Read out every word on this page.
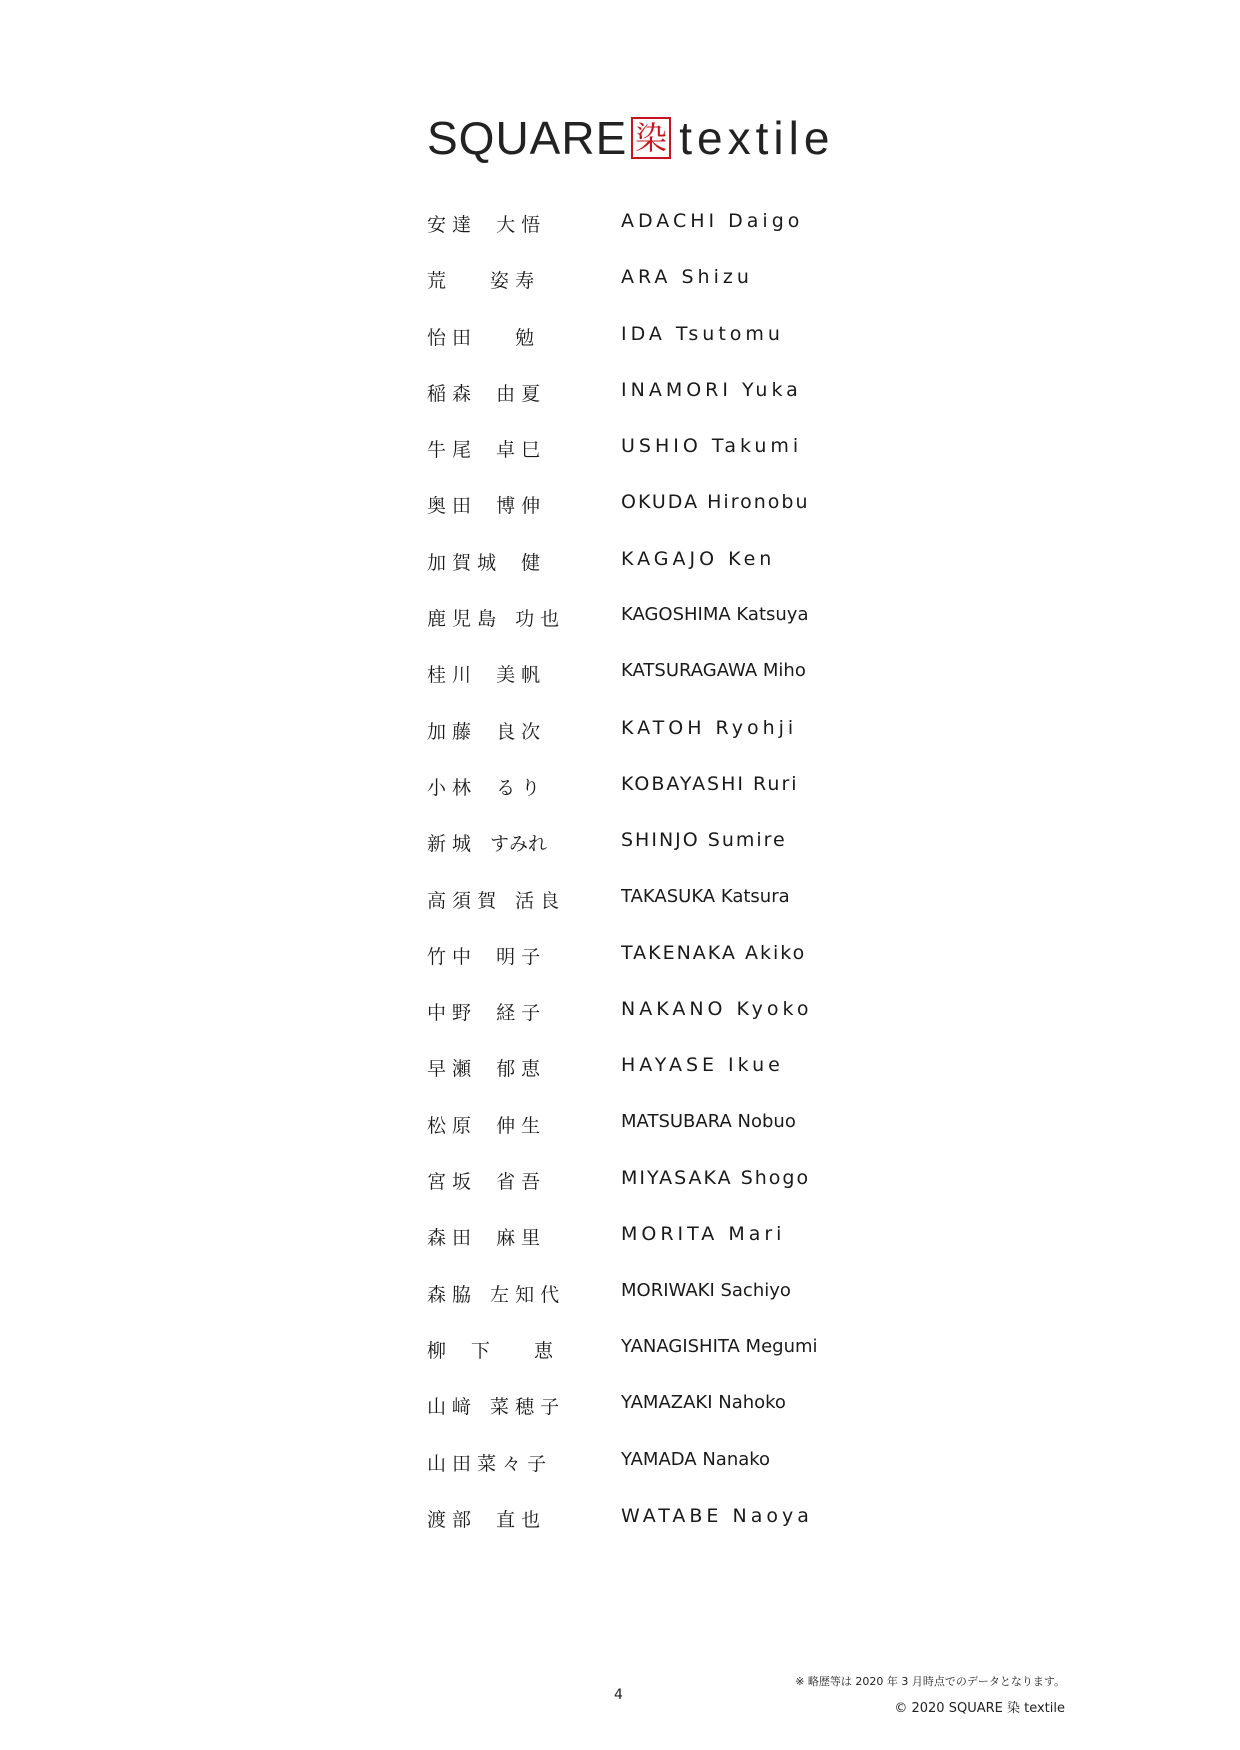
SQUARE 染 textile
安 達　 大 悟	ADACHI Daigo
荒　　 姿 寿	ARA Shizu
怡 田　　 勉	IDA Tsutomu
稲 森　 由 夏	INAMORI Yuka
牛 尾　 卓 巳	USHIO Takumi
奥 田　 博 伸	OKUDA Hironobu
加 賀 城　 健	KAGAJO Ken
鹿 児 島　功 也	KAGOSHIMA Katsuya
桂 川　 美 帆	KATSURAGAWA Miho
加 藤　 良 次	KATOH Ryohji
小 林　 る り	KOBAYASHI Ruri
新 城　すみれ	SHINJO Sumire
高 須 賀　活 良	TAKASUKA Katsura
竹 中　 明 子	TAKENAKA Akiko
中 野　 経 子	NAKANO Kyoko
早 瀬　 郁 恵	HAYASE Ikue
松 原　 伸 生	MATSUBARA Nobuo
宮 坂　 省 吾	MIYASAKA Shogo
森 田　 麻 里	MORITA Mari
森 脇　左 知 代	MORIWAKI Sachiyo
柳　 下　　 恵	YANAGISHITA Megumi
山 﨑　菜 穂 子	YAMAZAKI Nahoko
山 田 菜 々 子	YAMADA Nanako
渡 部　 直 也	WATABE Naoya
※ 略歴等は 2020 年 3 月時点でのデータとなります。
4
© 2020 SQUARE 染 textile
